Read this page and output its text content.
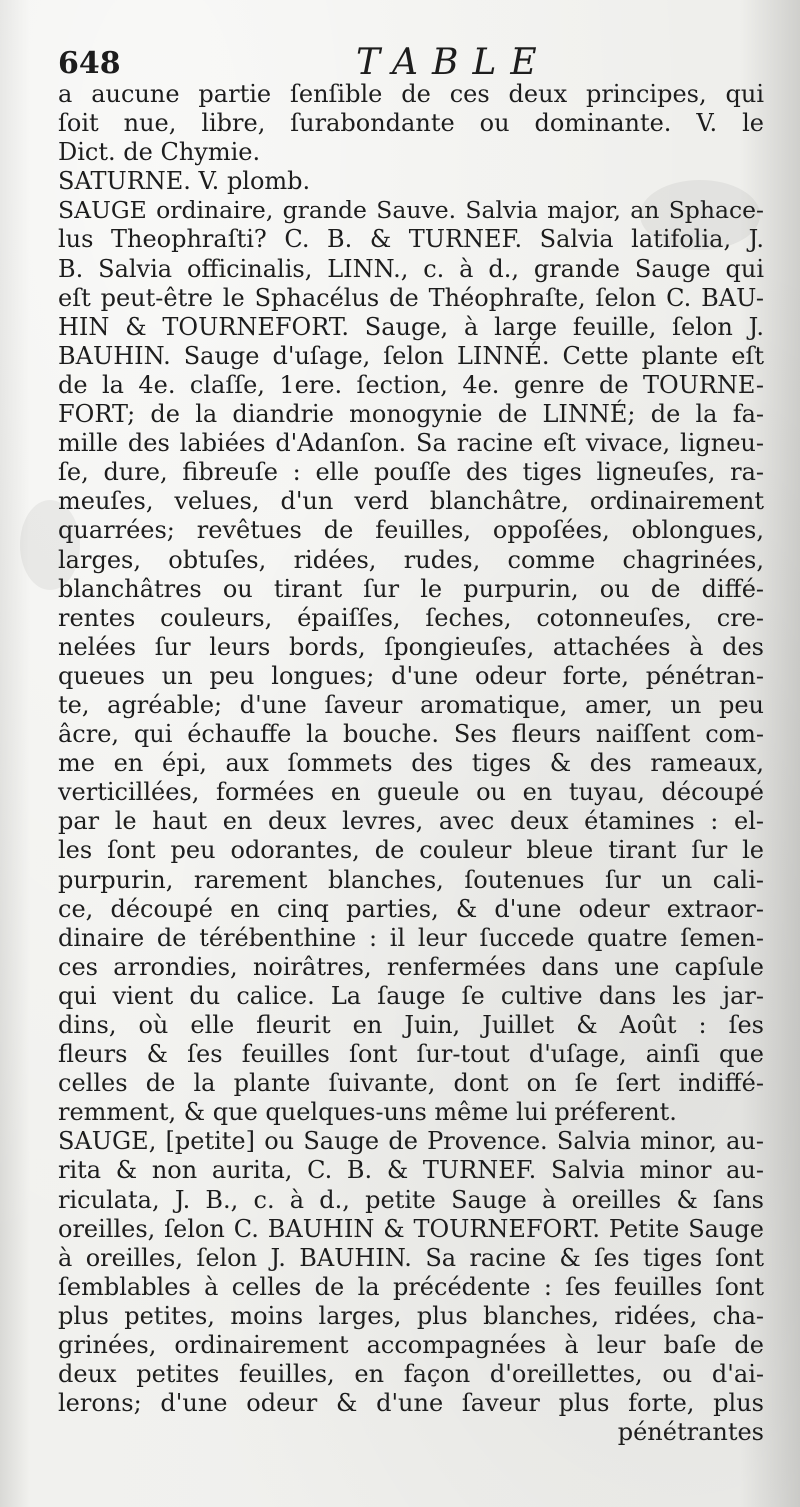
648	TABLE
a aucune partie ſenſible de ces deux principes, qui
ſoit nue, libre, ſurabondante ou dominante. V. le
Dict. de Chymie.
SATURNE. V. plomb.
SAUGE ordinaire, grande Sauve. Salvia major, an Sphace-
lus Theophraſti? C. B. & TURNEF. Salvia latifolia, J.
B. Salvia officinalis, LINN., c. à d., grande Sauge qui
eſt peut-être le Sphacélus de Théophraſte, ſelon C. BAU-
HIN & TOURNEFORT. Sauge, à large feuille, ſelon J.
BAUHIN. Sauge d'uſage, ſelon LINNÉ. Cette plante eſt
de la 4e. claſſe, 1ere. ſection, 4e. genre de TOURNE-
FORT; de la diandrie monogynie de LINNÉ; de la fa-
mille des labiées d'Adanſon. Sa racine eſt vivace, ligneu-
ſe, dure, fibreuſe : elle pouſſe des tiges ligneuſes, ra-
meuſes, velues, d'un verd blanchâtre, ordinairement
quarrées; revêtues de feuilles, oppoſées, oblongues,
larges, obtuſes, ridées, rudes, comme chagrinées,
blanchâtres ou tirant ſur le purpurin, ou de diffé-
rentes couleurs, épaiſſes, ſeches, cotonneuſes, cre-
nelées ſur leurs bords, ſpongieuſes, attachées à des
queues un peu longues; d'une odeur forte, pénétran-
te, agréable; d'une ſaveur aromatique, amer, un peu
âcre, qui échauffe la bouche. Ses fleurs naiſſent com-
me en épi, aux ſommets des tiges & des rameaux,
verticillées, formées en gueule ou en tuyau, découpé
par le haut en deux levres, avec deux étamines : el-
les ſont peu odorantes, de couleur bleue tirant ſur le
purpurin, rarement blanches, ſoutenues ſur un cali-
ce, découpé en cinq parties, & d'une odeur extraor-
dinaire de térébenthine : il leur ſuccede quatre ſemen-
ces arrondies, noirâtres, renfermées dans une capſule
qui vient du calice. La ſauge ſe cultive dans les jar-
dins, où elle fleurit en Juin, Juillet & Août : ſes
fleurs & ſes feuilles ſont ſur-tout d'uſage, ainſi que
celles de la plante ſuivante, dont on ſe ſert indiffé-
remment, & que quelques-uns même lui préferent.
SAUGE, [petite] ou Sauge de Provence. Salvia minor, au-
rita & non aurita, C. B. & TURNEF. Salvia minor au-
riculata, J. B., c. à d., petite Sauge à oreilles & ſans
oreilles, ſelon C. BAUHIN & TOURNEFORT. Petite Sauge
à oreilles, ſelon J. BAUHIN. Sa racine & ſes tiges ſont
ſemblables à celles de la précédente : ſes feuilles ſont
plus petites, moins larges, plus blanches, ridées, cha-
grinées, ordinairement accompagnées à leur baſe de
deux petites feuilles, en façon d'oreillettes, ou d'ai-
lerons; d'une odeur & d'une ſaveur plus forte, plus
pénétrantes
